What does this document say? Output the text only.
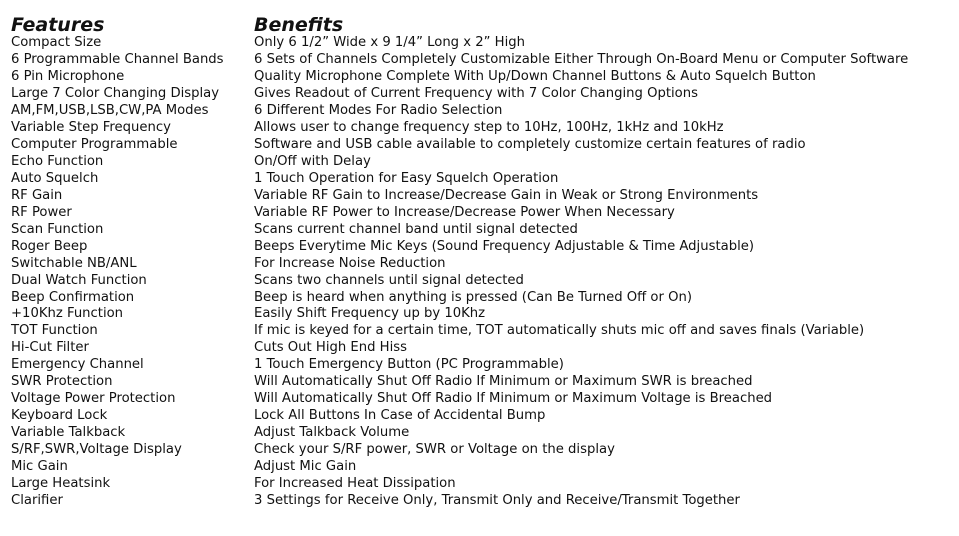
Features	Benefits
Compact Size	Only 6 1/2” Wide x 9 1/4” Long x 2” High
6 Programmable Channel Bands	6 Sets of Channels Completely Customizable Either Through On-Board Menu or Computer Software
6 Pin Microphone	Quality Microphone Complete With Up/Down Channel Buttons & Auto Squelch Button
Large 7 Color Changing Display	Gives Readout of Current Frequency with 7 Color Changing Options
AM,FM,USB,LSB,CW,PA Modes	6 Different Modes For Radio Selection
Variable Step Frequency	Allows user to change frequency step to 10Hz, 100Hz, 1kHz and 10kHz
Computer Programmable	Software and USB cable available to completely customize certain features of radio
Echo Function	On/Off with Delay
Auto Squelch	1 Touch Operation for Easy Squelch Operation
RF Gain	Variable RF Gain to Increase/Decrease Gain in Weak or Strong Environments
RF Power	Variable RF Power to Increase/Decrease Power When Necessary
Scan Function	Scans current channel band until signal detected
Roger Beep	Beeps Everytime Mic Keys (Sound Frequency Adjustable & Time Adjustable)
Switchable NB/ANL	For Increase Noise Reduction
Dual Watch Function	Scans two channels until signal detected
Beep Confirmation	Beep is heard when anything is pressed (Can Be Turned Off or On)
+10Khz Function	Easily Shift Frequency up by 10Khz
TOT Function	If mic is keyed for a certain time, TOT automatically shuts mic off and saves finals (Variable)
Hi-Cut Filter	Cuts Out High End Hiss
Emergency Channel	1 Touch Emergency Button (PC Programmable)
SWR Protection	Will Automatically Shut Off Radio If Minimum or Maximum SWR is breached
Voltage Power Protection	Will Automatically Shut Off Radio If Minimum or Maximum Voltage is Breached
Keyboard Lock	Lock All Buttons In Case of Accidental Bump
Variable Talkback	Adjust Talkback Volume
S/RF,SWR,Voltage Display	Check your S/RF power, SWR or Voltage on the display
Mic Gain	Adjust Mic Gain
Large Heatsink	For Increased Heat Dissipation
Clarifier	3 Settings for Receive Only, Transmit Only and Receive/Transmit Together
